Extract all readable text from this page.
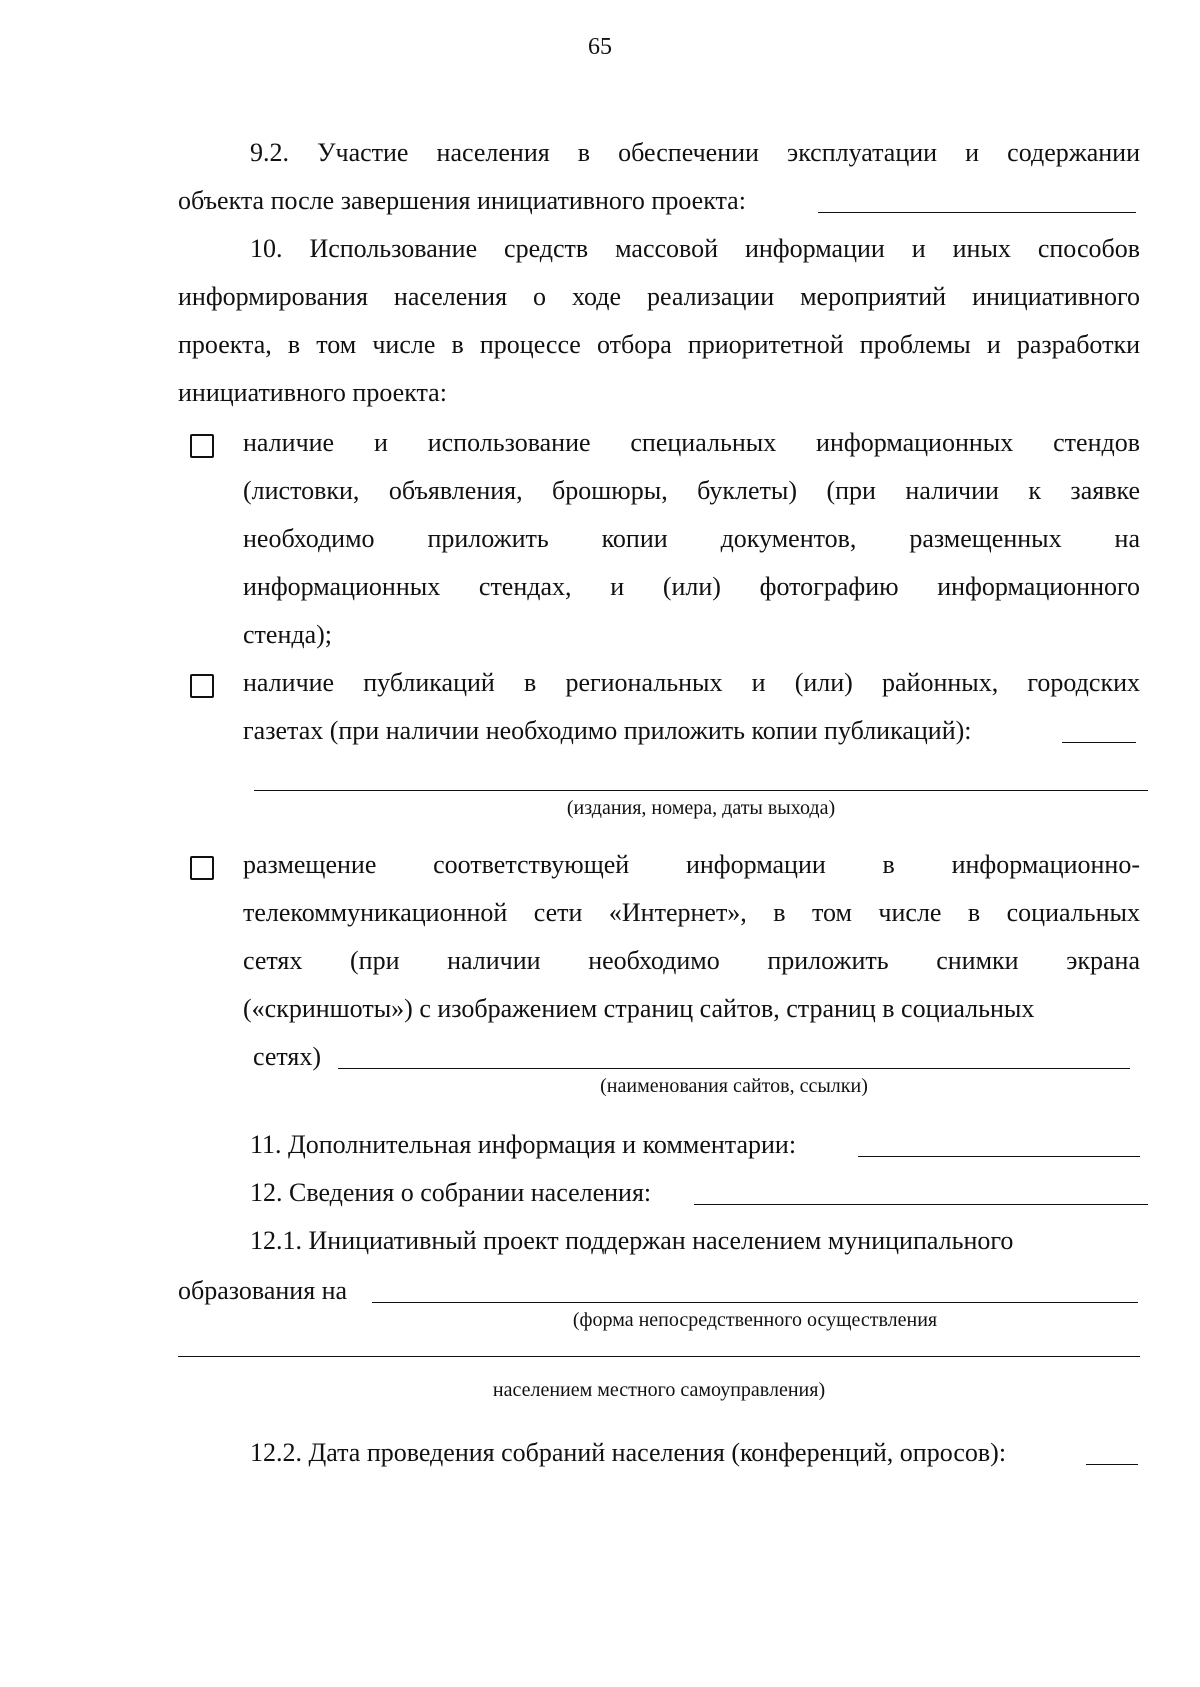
65
9.2. Участие населения в обеспечении эксплуатации и содержании
объекта после завершения инициативного проекта:
10. Использование средств массовой информации и иных способов
информирования населения о ходе реализации мероприятий инициативного
проекта, в том числе в процессе отбора приоритетной проблемы и разработки
инициативного проекта:
наличие и использование специальных информационных стендов
(листовки, объявления, брошюры, буклеты) (при наличии к заявке
необходимо приложить копии документов, размещенных на
информационных стендах, и (или) фотографию информационного
стенда);
наличие публикаций в региональных и (или) районных, городских
газетах (при наличии необходимо приложить копии публикаций):
(издания, номера, даты выхода)
размещение соответствующей информации в информационно-
телекоммуникационной сети «Интернет», в том числе в социальных
сетях (при наличии необходимо приложить снимки экрана
(«скриншоты») с изображением страниц сайтов, страниц в социальных
сетях)
(наименования сайтов, ссылки)
11. Дополнительная информация и комментарии:
12. Сведения о собрании населения:
12.1. Инициативный проект поддержан населением муниципального
образования на
(форма непосредственного осуществления
населением местного самоуправления)
12.2. Дата проведения собраний населения (конференций, опросов):
